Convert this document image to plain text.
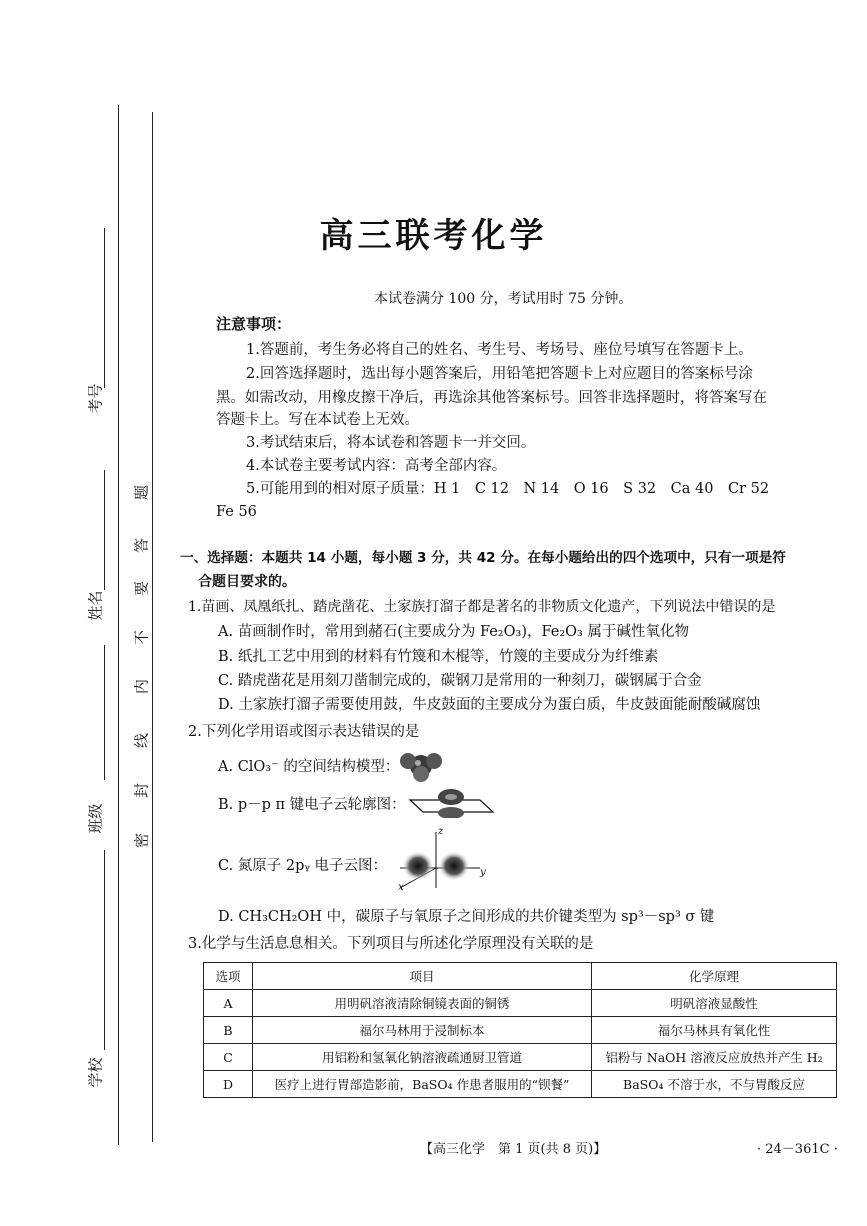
考号
姓名
班级
学校
题
答
要
不
内
线
封
密
高三联考化学
本试卷满分 100 分，考试用时 75 分钟。
注意事项：
1.答题前，考生务必将自己的姓名、考生号、考场号、座位号填写在答题卡上。
2.回答选择题时，选出每小题答案后，用铅笔把答题卡上对应题目的答案标号涂
黑。如需改动，用橡皮擦干净后，再选涂其他答案标号。回答非选择题时，将答案写在
答题卡上。写在本试卷上无效。
3.考试结束后，将本试卷和答题卡一并交回。
4.本试卷主要考试内容：高考全部内容。
5.可能用到的相对原子质量：H 1　C 12　N 14　O 16　S 32　Ca 40　Cr 52
Fe 56
一、选择题：本题共 14 小题，每小题 3 分，共 42 分。在每小题给出的四个选项中，只有一项是符
合题目要求的。
1.苗画、凤凰纸扎、踏虎凿花、土家族打溜子都是著名的非物质文化遗产，下列说法中错误的是
A. 苗画制作时，常用到赭石(主要成分为 Fe₂O₃)，Fe₂O₃ 属于碱性氧化物
B. 纸扎工艺中用到的材料有竹篾和木棍等，竹篾的主要成分为纤维素
C. 踏虎凿花是用刻刀凿制完成的，碳钢刀是常用的一种刻刀，碳钢属于合金
D. 土家族打溜子需要使用鼓，牛皮鼓面的主要成分为蛋白质，牛皮鼓面能耐酸碱腐蚀
2.下列化学用语或图示表达错误的是
A. ClO₃⁻ 的空间结构模型：
B. p－p π 键电子云轮廓图：
C. 氮原子 2pᵧ 电子云图：
z
y
x
D. CH₃CH₂OH 中，碳原子与氧原子之间形成的共价键类型为 sp³－sp³ σ 键
3.化学与生活息息相关。下列项目与所述化学原理没有关联的是
选项	项目	化学原理
A	用明矾溶液清除铜镜表面的铜锈	明矾溶液显酸性
B	福尔马林用于浸制标本	福尔马林具有氧化性
C	用铝粉和氢氧化钠溶液疏通厨卫管道	铝粉与 NaOH 溶液反应放热并产生 H₂
D	医疗上进行胃部造影前，BaSO₄ 作患者服用的“钡餐”	BaSO₄ 不溶于水，不与胃酸反应
【高三化学　第 1 页(共 8 页)】	· 24－361C ·
